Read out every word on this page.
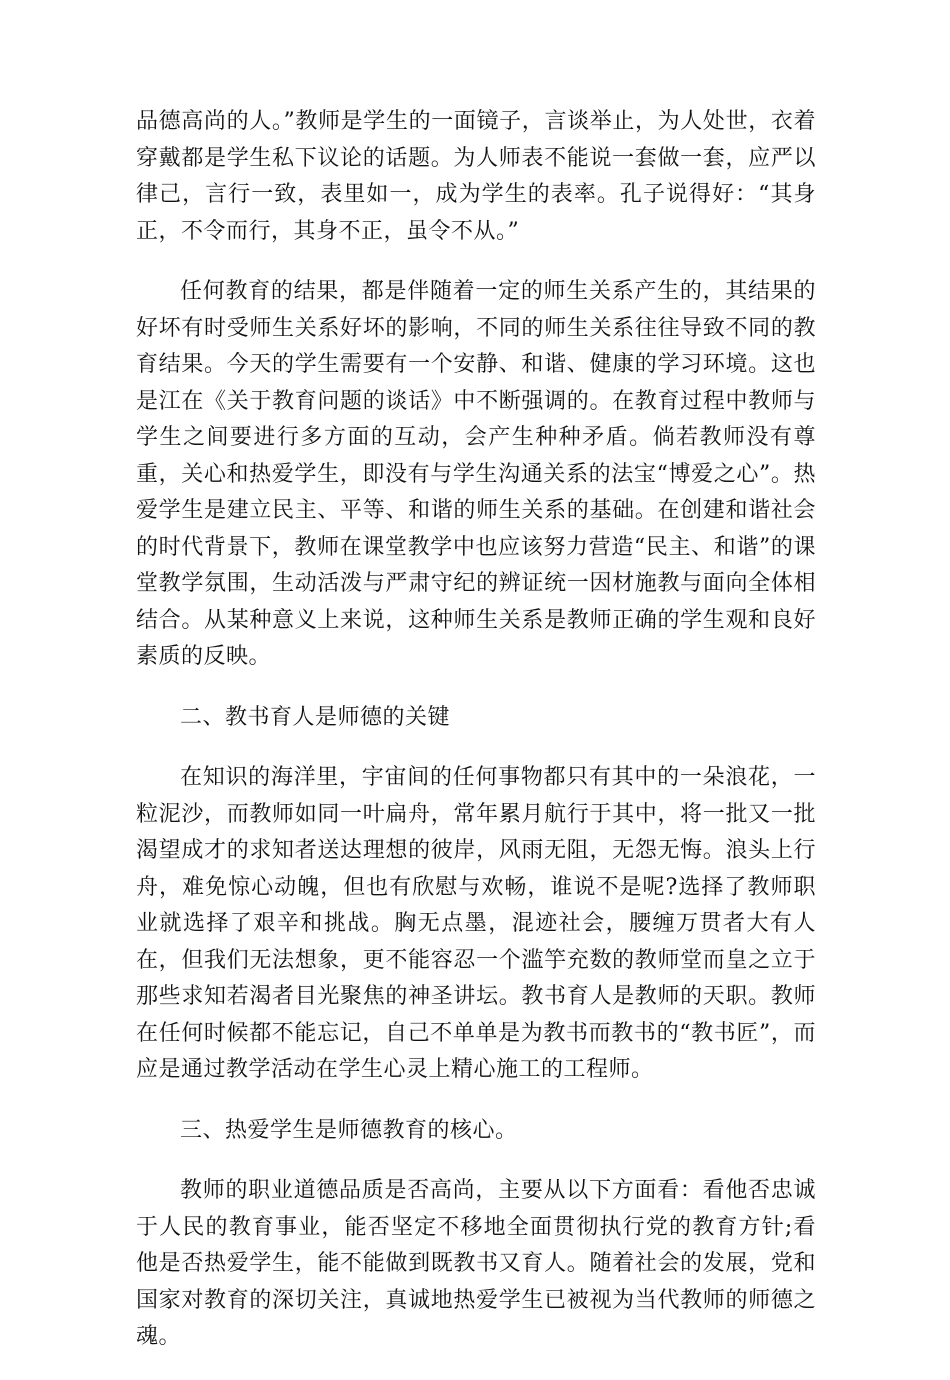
品德高尚的人。”教师是学生的一面镜子，言谈举止，为人处世，衣着穿戴都是学生私下议论的话题。为人师表不能说一套做一套，应严以律己，言行一致，表里如一，成为学生的表率。孔子说得好：“其身正，不令而行，其身不正，虽令不从。”

任何教育的结果，都是伴随着一定的师生关系产生的，其结果的好坏有时受师生关系好坏的影响，不同的师生关系往往导致不同的教育结果。今天的学生需要有一个安静、和谐、健康的学习环境。这也是江在《关于教育问题的谈话》中不断强调的。在教育过程中教师与学生之间要进行多方面的互动，会产生种种矛盾。倘若教师没有尊重，关心和热爱学生，即没有与学生沟通关系的法宝“博爱之心”。热爱学生是建立民主、平等、和谐的师生关系的基础。在创建和谐社会的时代背景下，教师在课堂教学中也应该努力营造“民主、和谐”的课堂教学氛围，生动活泼与严肃守纪的辨证统一因材施教与面向全体相结合。从某种意义上来说，这种师生关系是教师正确的学生观和良好素质的反映。

二、教书育人是师德的关键

在知识的海洋里，宇宙间的任何事物都只有其中的一朵浪花，一粒泥沙，而教师如同一叶扁舟，常年累月航行于其中，将一批又一批渴望成才的求知者送达理想的彼岸，风雨无阻，无怨无悔。浪头上行舟，难免惊心动魄，但也有欣慰与欢畅，谁说不是呢?选择了教师职业就选择了艰辛和挑战。胸无点墨，混迹社会，腰缠万贯者大有人在，但我们无法想象，更不能容忍一个滥竽充数的教师堂而皇之立于那些求知若渴者目光聚焦的神圣讲坛。教书育人是教师的天职。教师在任何时候都不能忘记，自己不单单是为教书而教书的“教书匠”，而应是通过教学活动在学生心灵上精心施工的工程师。

三、热爱学生是师德教育的核心。

教师的职业道德品质是否高尚，主要从以下方面看：看他否忠诚于人民的教育事业，能否坚定不移地全面贯彻执行党的教育方针;看他是否热爱学生，能不能做到既教书又育人。随着社会的发展，党和国家对教育的深切关注，真诚地热爱学生已被视为当代教师的师德之魂。
